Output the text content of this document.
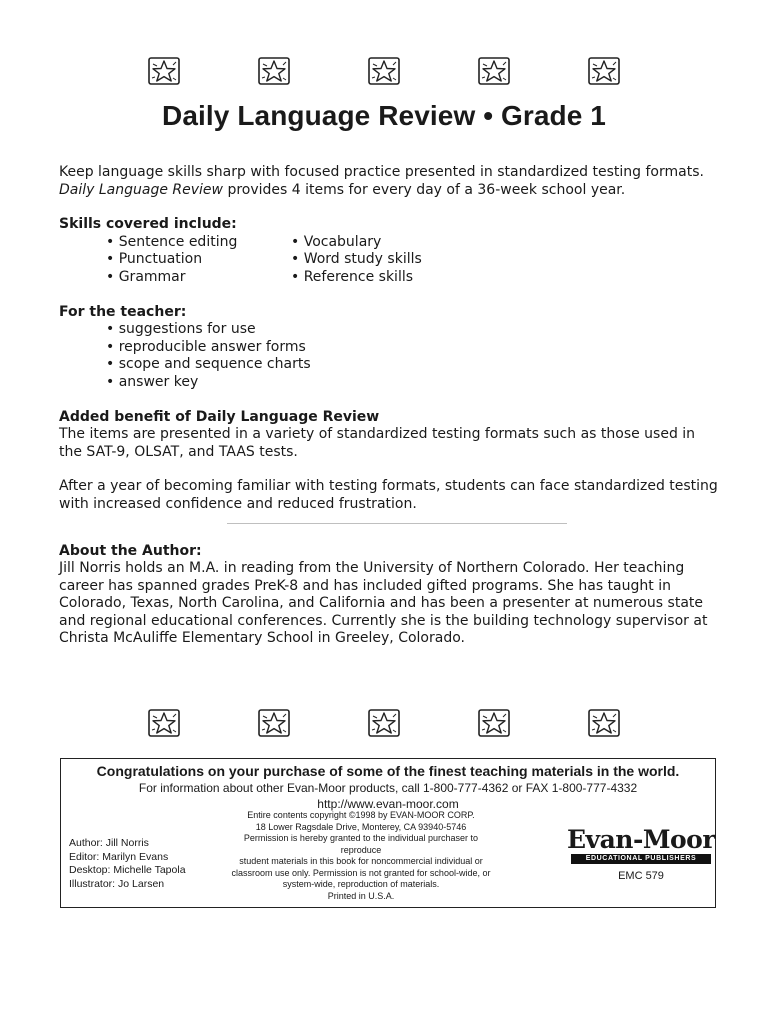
Daily Language Review • Grade 1

Keep language skills sharp with focused practice presented in standardized testing formats.
Daily Language Review provides 4 items for every day of a 36-week school year.

Skills covered include:

• Sentence editing	• Vocabulary
• Punctuation	• Word study skills
• Grammar	• Reference skills

For the teacher:

• suggestions for use
• reproducible answer forms
• scope and sequence charts
• answer key

Added benefit of Daily Language Review

The items are presented in a variety of standardized testing formats such as those used in the SAT-9, OLSAT, and TAAS tests.

After a year of becoming familiar with testing formats, students can face standardized testing with increased confidence and reduced frustration.

About the Author:

Jill Norris holds an M.A. in reading from the University of Northern Colorado. Her teaching career has spanned grades PreK-8 and has included gifted programs. She has taught in Colorado, Texas, North Carolina, and California and has been a presenter at numerous state and regional educational conferences. Currently she is the building technology supervisor at Christa McAuliffe Elementary School in Greeley, Colorado.

Congratulations on your purchase of some of the finest teaching materials in the world.
For information about other Evan-Moor products, call 1-800-777-4362 or FAX 1-800-777-4332
http://www.evan-moor.com
Author: Jill Norris
Editor: Marilyn Evans
Desktop: Michelle Tapola
Illustrator: Jo Larsen
Entire contents copyright ©1998 by EVAN-MOOR CORP.
18 Lower Ragsdale Drive, Monterey, CA 93940-5746
Permission is hereby granted to the individual purchaser to reproduce
student materials in this book for noncommercial individual or
classroom use only. Permission is not granted for school-wide, or
system-wide, reproduction of materials.
Printed in U.S.A.
Evan-Moor
EDUCATIONAL PUBLISHERS
EMC 579
